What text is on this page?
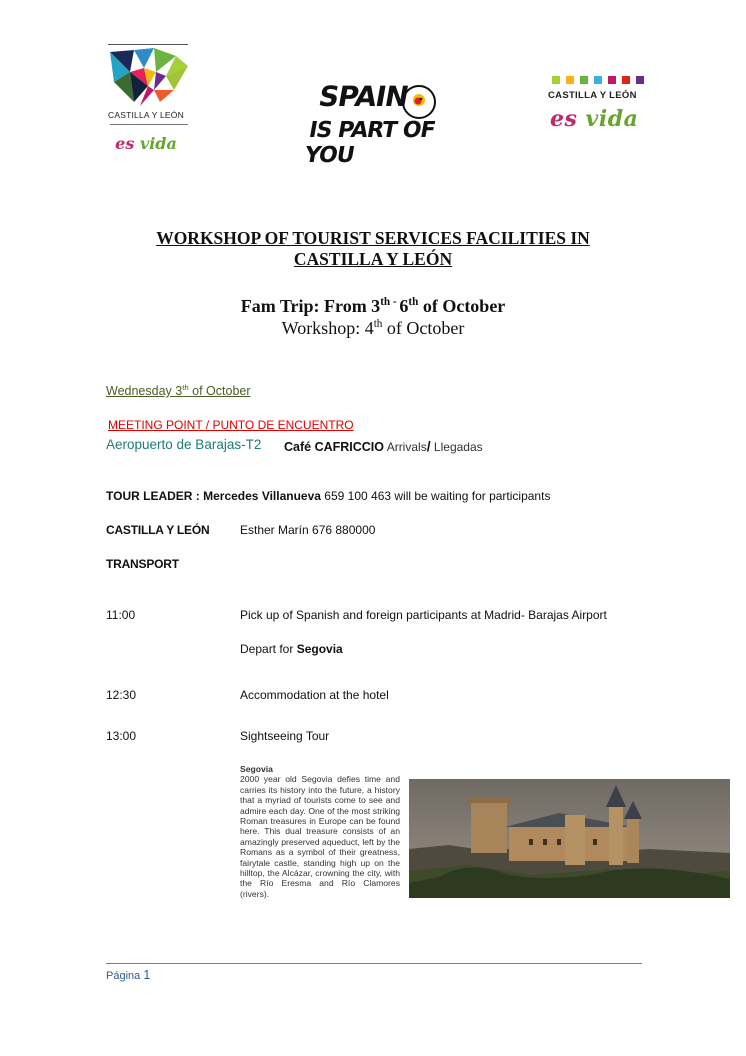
CASTILLA Y LEÓN
es vida
SPAIN
IS PART OF YOU
CASTILLA Y LEÓN
es vida
WORKSHOP OF TOURIST SERVICES FACILITIES IN
CASTILLA Y LEÓN
Fam Trip: From $3^{th -}$ 6th of October
Workshop: 4th of October
Wednesday 3th of October
MEETING POINT / PUNTO DE ENCUENTRO
Aeropuerto de Barajas-T2 Café CAFRICCIO Arrivals/ Llegadas
TOUR LEADER : Mercedes Villanueva 659 100 463 will be waiting for participants
CASTILLA Y LEÓN	Esther Marín 676 880000
TRANSPORT
11:00	Pick up of Spanish and foreign participants at Madrid- Barajas Airport
Depart for Segovia
12:30	Accommodation at the hotel
13:00	Sightseeing Tour
Segovia
2000 year old Segovia defies time and carries its history into the future, a history that a myriad of tourists come to see and admire each day. One of the most striking Roman treasures in Europe can be found here. This dual treasure consists of an amazingly preserved aqueduct, left by the Romans as a symbol of their greatness, fairytale castle, standing high up on the hilltop, the Alcázar, crowning the city, with the Río Eresma and Río Clamores (rivers).
Página 1
